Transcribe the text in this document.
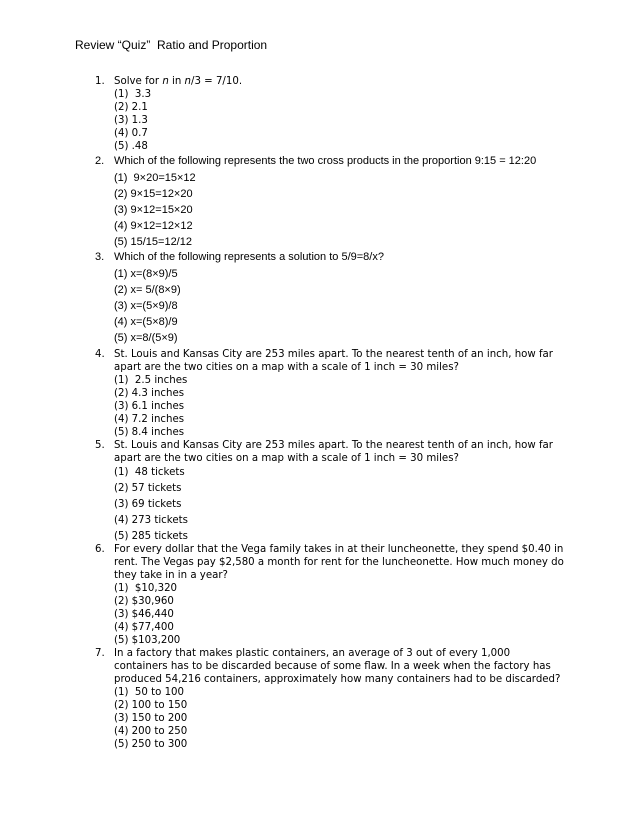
Review “Quiz”  Ratio and Proportion
1. Solve for n in n/3 = 7/10.
(1)  3.3
(2) 2.1
(3) 1.3
(4) 0.7
(5) .48
2. Which of the following represents the two cross products in the proportion 9:15 = 12:20
(1)  9×20=15×12
(2) 9×15=12×20
(3) 9×12=15×20
(4) 9×12=12×12
(5) 15/15=12/12
3. Which of the following represents a solution to 5/9=8/x?
(1) x=(8×9)/5
(2) x= 5/(8×9)
(3) x=(5×9)/8
(4) x=(5×8)/9
(5) x=8/(5×9)
4. St. Louis and Kansas City are 253 miles apart. To the nearest tenth of an inch, how far apart are the two cities on a map with a scale of 1 inch = 30 miles?
(1)  2.5 inches
(2) 4.3 inches
(3) 6.1 inches
(4) 7.2 inches
(5) 8.4 inches
5. St. Louis and Kansas City are 253 miles apart. To the nearest tenth of an inch, how far apart are the two cities on a map with a scale of 1 inch = 30 miles?
(1)  48 tickets
(2) 57 tickets
(3) 69 tickets
(4) 273 tickets
(5) 285 tickets
6. For every dollar that the Vega family takes in at their luncheonette, they spend $0.40 in rent. The Vegas pay $2,580 a month for rent for the luncheonette. How much money do they take in in a year?
(1)  $10,320
(2) $30,960
(3) $46,440
(4) $77,400
(5) $103,200
7. In a factory that makes plastic containers, an average of 3 out of every 1,000 containers has to be discarded because of some flaw. In a week when the factory has produced 54,216 containers, approximately how many containers had to be discarded?
(1)  50 to 100
(2) 100 to 150
(3) 150 to 200
(4) 200 to 250
(5) 250 to 300
